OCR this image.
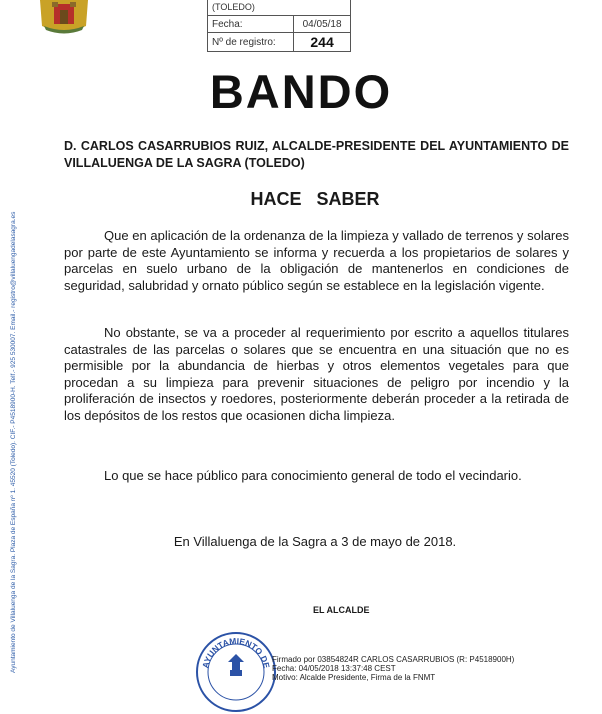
(TOLEDO)	
Fecha:	04/05/18
Nº de registro:	244
Ayuntamiento de Villaluenga de la Sagra. Plaza de España nº 1. 45520 (Toledo). CIF.- P4518900-H. Telf.- 925 530007. Email.- registro@villaluengadelasagra.es
BANDO
D. CARLOS CASARRUBIOS RUIZ, ALCALDE-PRESIDENTE DEL AYUNTAMIENTO DE VILLALUENGA DE LA SAGRA (TOLEDO)
HACE SABER
Que en aplicación de la ordenanza de la limpieza y vallado de terrenos y solares por parte de este Ayuntamiento se informa y recuerda a los propietarios de solares y parcelas en suelo urbano de la obligación de mantenerlos en condiciones de seguridad, salubridad y ornato público según se establece en la legislación vigente.
No obstante, se va a proceder al requerimiento por escrito a aquellos titulares catastrales de las parcelas o solares que se encuentra en una situación que no es permisible por la abundancia de hierbas y otros elementos vegetales para que procedan a su limpieza para prevenir situaciones de peligro por incendio y la proliferación de insectos y roedores, posteriormente deberán proceder a la retirada de los depósitos de los restos que ocasionen dicha limpieza.
Lo que se hace público para conocimiento general de todo el vecindario.
En Villaluenga de la Sagra a 3 de mayo de 2018.
EL ALCALDE
AYUNTAMIENTO DE
Firmado por 03854824R CARLOS CASARRUBIOS (R: P4518900H)
Fecha: 04/05/2018 13:37:48 CEST
Motivo: Alcalde Presidente, Firma de la FNMT
